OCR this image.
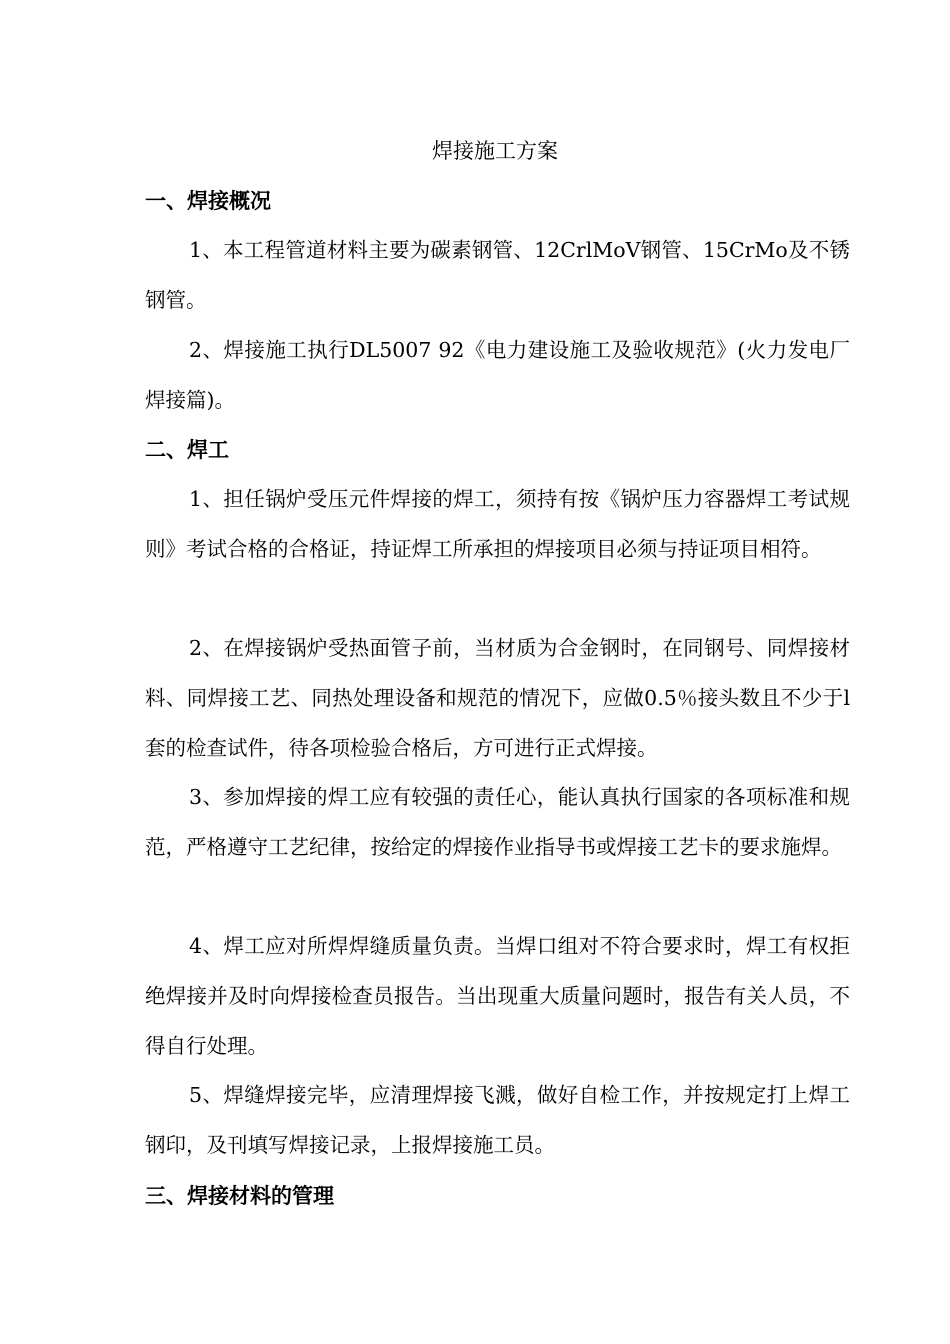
焊接施工方案
一、焊接概况

1、本工程管道材料主要为碳素钢管、12CrlMoV钢管、15CrMo及不锈钢管。

2、焊接施工执行DL5007 92《电力建设施工及验收规范》(火力发电厂焊接篇)。

二、焊工

1、担任锅炉受压元件焊接的焊工，须持有按《锅炉压力容器焊工考试规则》考试合格的合格证，持证焊工所承担的焊接项目必须与持证项目相符。

2、在焊接锅炉受热面管子前，当材质为合金钢时，在同钢号、同焊接材料、同焊接工艺、同热处理设备和规范的情况下，应做0.5％接头数且不少于l套的检查试件，待各项检验合格后，方可进行正式焊接。

3、参加焊接的焊工应有较强的责任心，能认真执行国家的各项标准和规范，严格遵守工艺纪律，按给定的焊接作业指导书或焊接工艺卡的要求施焊。

4、焊工应对所焊焊缝质量负责。当焊口组对不符合要求时，焊工有权拒绝焊接并及时向焊接检查员报告。当出现重大质量问题时，报告有关人员，不得自行处理。

5、焊缝焊接完毕，应清理焊接飞溅，做好自检工作，并按规定打上焊工钢印，及刊填写焊接记录，上报焊接施工员。

三、焊接材料的管理
